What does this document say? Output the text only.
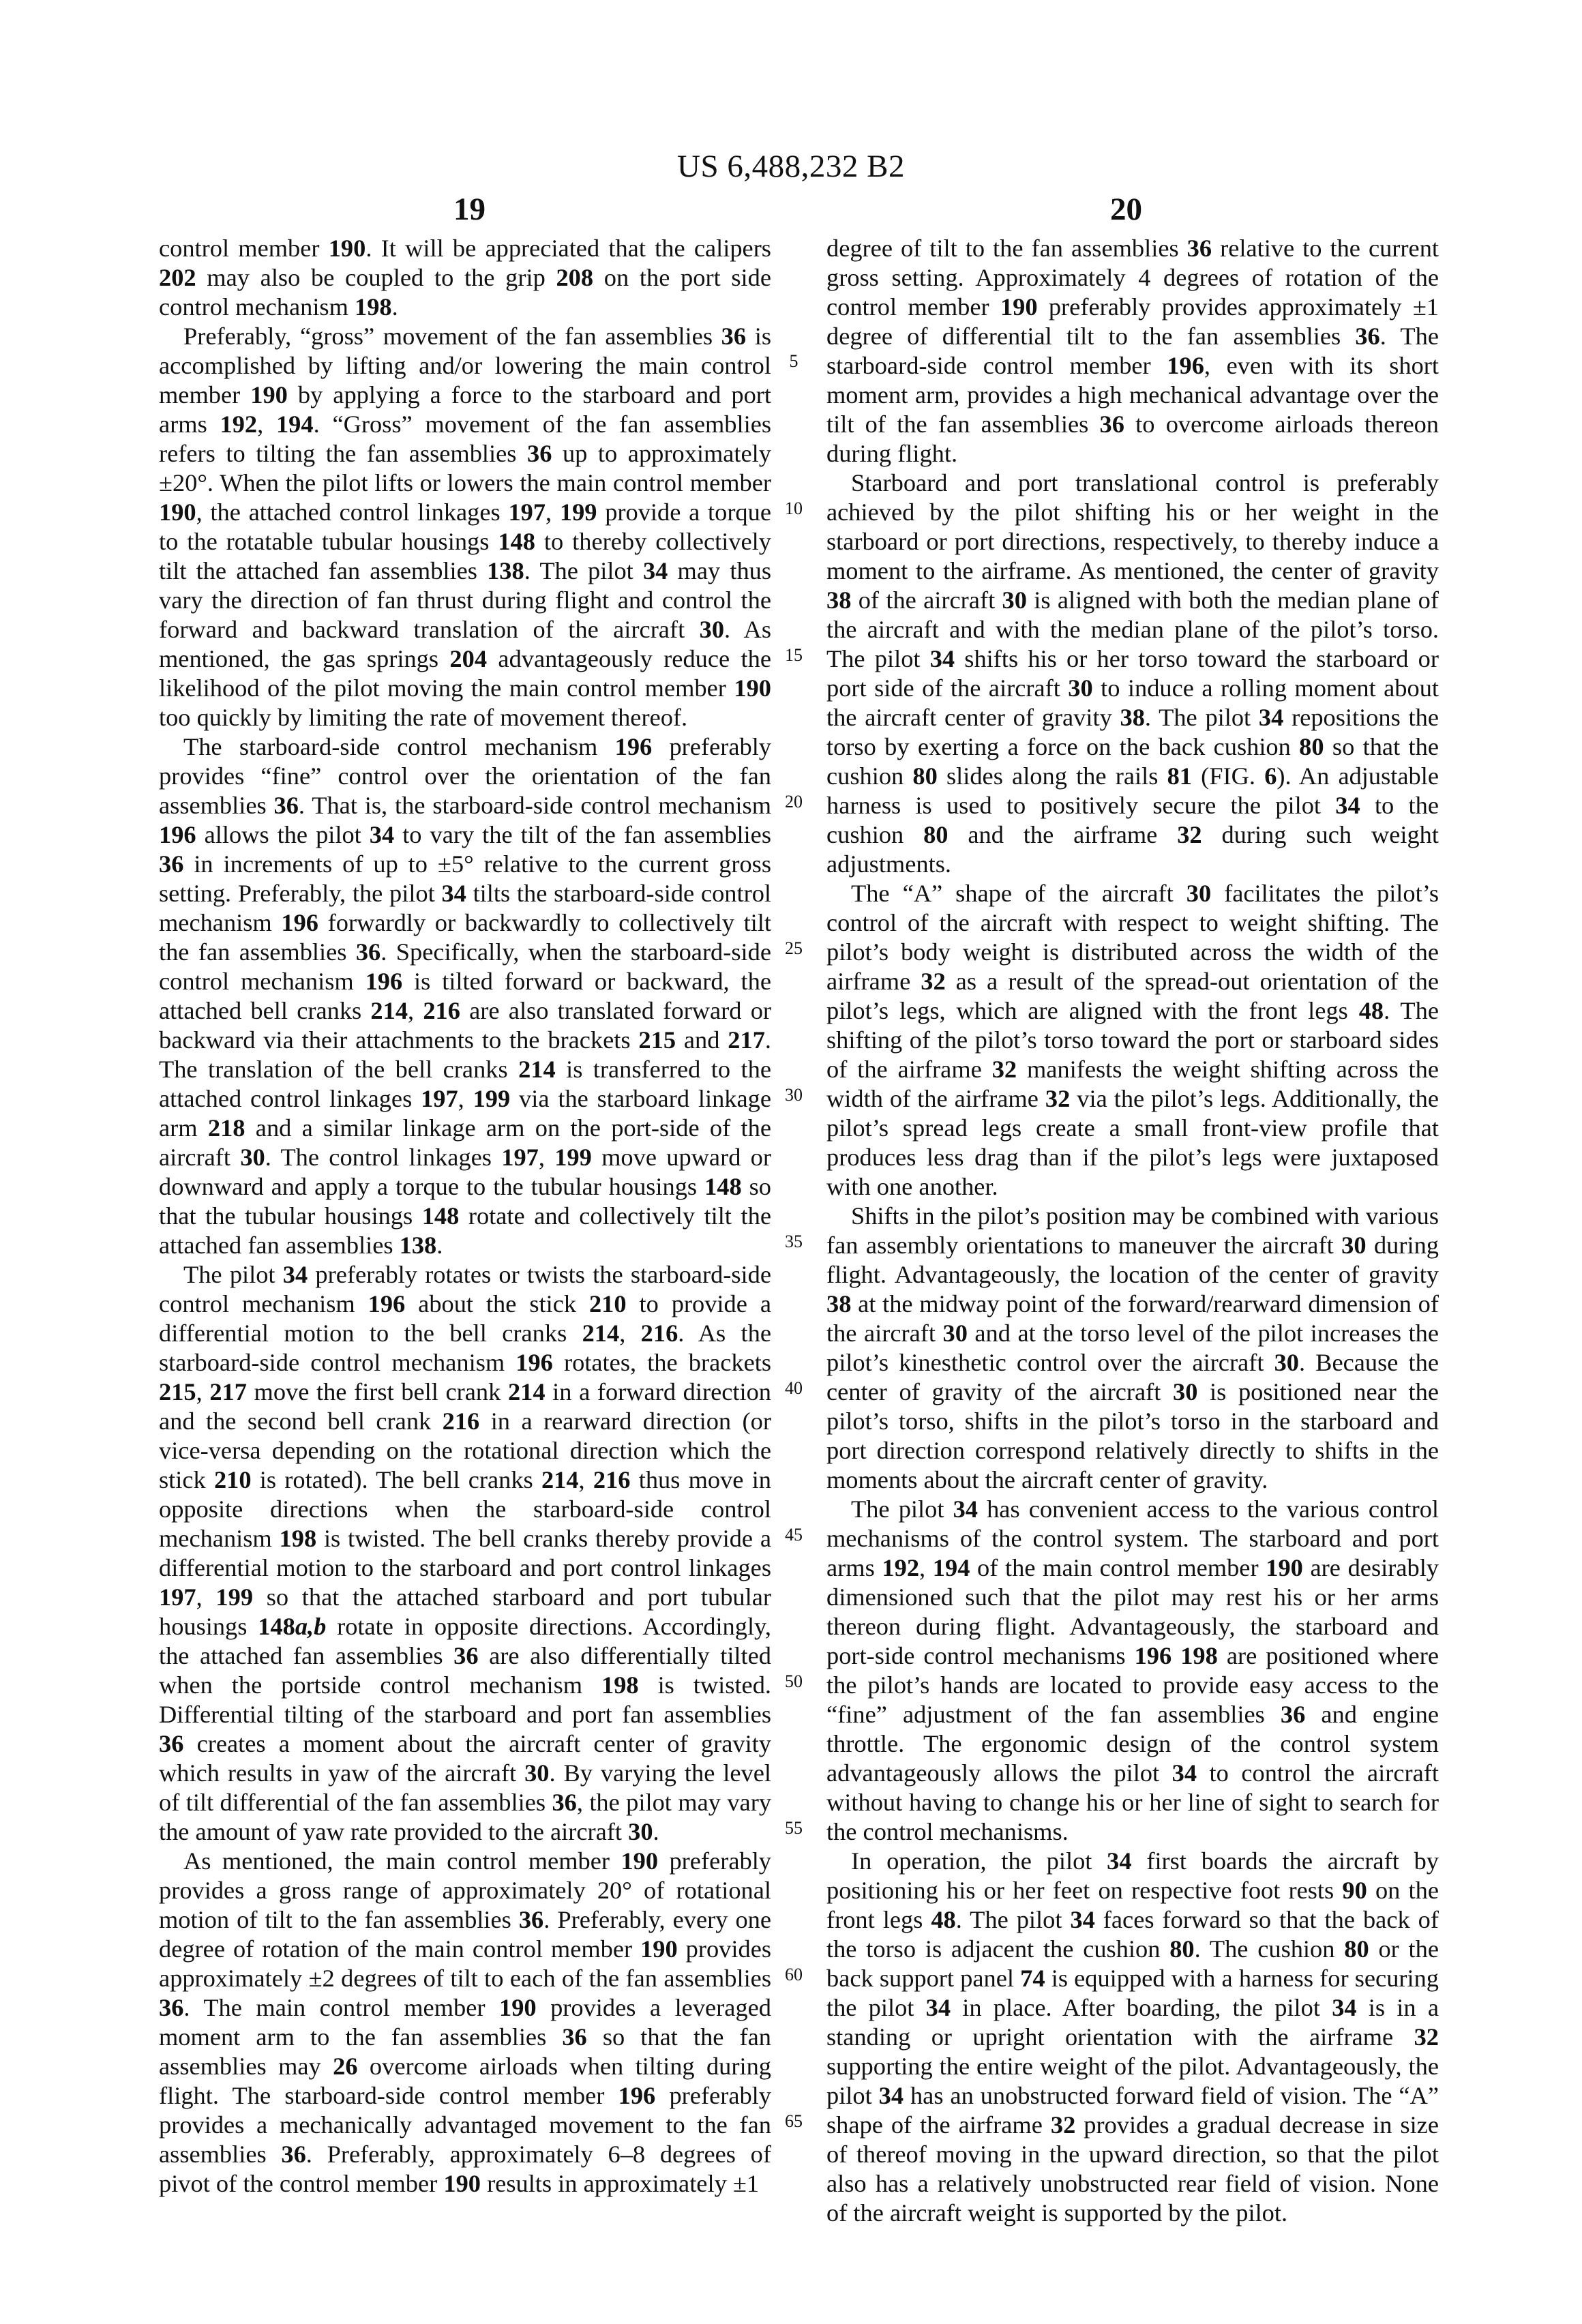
US 6,488,232 B2
19	20

control member 190. It will be appreciated that the calipers 202 may also be coupled to the grip 208 on the port side control mechanism 198.

Preferably, “gross” movement of the fan assemblies 36 is accomplished by lifting and/or lowering the main control member 190 by applying a force to the starboard and port arms 192, 194. “Gross” movement of the fan assemblies refers to tilting the fan assemblies 36 up to approximately ±20°. When the pilot lifts or lowers the main control member 190, the attached control linkages 197, 199 provide a torque to the rotatable tubular housings 148 to thereby collectively tilt the attached fan assemblies 138. The pilot 34 may thus vary the direction of fan thrust during flight and control the forward and backward translation of the aircraft 30. As mentioned, the gas springs 204 advantageously reduce the likelihood of the pilot moving the main control member 190 too quickly by limiting the rate of movement thereof.

The starboard-side control mechanism 196 preferably provides “fine” control over the orientation of the fan assemblies 36. That is, the starboard-side control mechanism 196 allows the pilot 34 to vary the tilt of the fan assemblies 36 in increments of up to ±5° relative to the current gross setting. Preferably, the pilot 34 tilts the starboard-side control mechanism 196 forwardly or backwardly to collectively tilt the fan assemblies 36. Specifically, when the starboard-side control mechanism 196 is tilted forward or backward, the attached bell cranks 214, 216 are also translated forward or backward via their attachments to the brackets 215 and 217. The translation of the bell cranks 214 is transferred to the attached control linkages 197, 199 via the starboard linkage arm 218 and a similar linkage arm on the port-side of the aircraft 30. The control linkages 197, 199 move upward or downward and apply a torque to the tubular housings 148 so that the tubular housings 148 rotate and collectively tilt the attached fan assemblies 138.

The pilot 34 preferably rotates or twists the starboard-side control mechanism 196 about the stick 210 to provide a differential motion to the bell cranks 214, 216. As the starboard-side control mechanism 196 rotates, the brackets 215, 217 move the first bell crank 214 in a forward direction and the second bell crank 216 in a rearward direction (or vice-versa depending on the rotational direction which the stick 210 is rotated). The bell cranks 214, 216 thus move in opposite directions when the starboard-side control mechanism 198 is twisted. The bell cranks thereby provide a differential motion to the starboard and port control linkages 197, 199 so that the attached starboard and port tubular housings 148a,b rotate in opposite directions. Accordingly, the attached fan assemblies 36 are also differentially tilted when the portside control mechanism 198 is twisted. Differential tilting of the starboard and port fan assemblies 36 creates a moment about the aircraft center of gravity which results in yaw of the aircraft 30. By varying the level of tilt differential of the fan assemblies 36, the pilot may vary the amount of yaw rate provided to the aircraft 30.

As mentioned, the main control member 190 preferably provides a gross range of approximately 20° of rotational motion of tilt to the fan assemblies 36. Preferably, every one degree of rotation of the main control member 190 provides approximately ±2 degrees of tilt to each of the fan assemblies 36. The main control member 190 provides a leveraged moment arm to the fan assemblies 36 so that the fan assemblies may 26 overcome airloads when tilting during flight. The starboard-side control member 196 preferably provides a mechanically advantaged movement to the fan assemblies 36. Preferably, approximately 6–8 degrees of pivot of the control member 190 results in approximately ±1

5
10
15
20
25
30
35
40
45
50
55
60
65

degree of tilt to the fan assemblies 36 relative to the current gross setting. Approximately 4 degrees of rotation of the control member 190 preferably provides approximately ±1 degree of differential tilt to the fan assemblies 36. The starboard-side control member 196, even with its short moment arm, provides a high mechanical advantage over the tilt of the fan assemblies 36 to overcome airloads thereon during flight.

Starboard and port translational control is preferably achieved by the pilot shifting his or her weight in the starboard or port directions, respectively, to thereby induce a moment to the airframe. As mentioned, the center of gravity 38 of the aircraft 30 is aligned with both the median plane of the aircraft and with the median plane of the pilot’s torso. The pilot 34 shifts his or her torso toward the starboard or port side of the aircraft 30 to induce a rolling moment about the aircraft center of gravity 38. The pilot 34 repositions the torso by exerting a force on the back cushion 80 so that the cushion 80 slides along the rails 81 (FIG. 6). An adjustable harness is used to positively secure the pilot 34 to the cushion 80 and the airframe 32 during such weight adjustments.

The “A” shape of the aircraft 30 facilitates the pilot’s control of the aircraft with respect to weight shifting. The pilot’s body weight is distributed across the width of the airframe 32 as a result of the spread-out orientation of the pilot’s legs, which are aligned with the front legs 48. The shifting of the pilot’s torso toward the port or starboard sides of the airframe 32 manifests the weight shifting across the width of the airframe 32 via the pilot’s legs. Additionally, the pilot’s spread legs create a small front-view profile that produces less drag than if the pilot’s legs were juxtaposed with one another.

Shifts in the pilot’s position may be combined with various fan assembly orientations to maneuver the aircraft 30 during flight. Advantageously, the location of the center of gravity 38 at the midway point of the forward/rearward dimension of the aircraft 30 and at the torso level of the pilot increases the pilot’s kinesthetic control over the aircraft 30. Because the center of gravity of the aircraft 30 is positioned near the pilot’s torso, shifts in the pilot’s torso in the starboard and port direction correspond relatively directly to shifts in the moments about the aircraft center of gravity.

The pilot 34 has convenient access to the various control mechanisms of the control system. The starboard and port arms 192, 194 of the main control member 190 are desirably dimensioned such that the pilot may rest his or her arms thereon during flight. Advantageously, the starboard and port-side control mechanisms 196 198 are positioned where the pilot’s hands are located to provide easy access to the “fine” adjustment of the fan assemblies 36 and engine throttle. The ergonomic design of the control system advantageously allows the pilot 34 to control the aircraft without having to change his or her line of sight to search for the control mechanisms.

In operation, the pilot 34 first boards the aircraft by positioning his or her feet on respective foot rests 90 on the front legs 48. The pilot 34 faces forward so that the back of the torso is adjacent the cushion 80. The cushion 80 or the back support panel 74 is equipped with a harness for securing the pilot 34 in place. After boarding, the pilot 34 is in a standing or upright orientation with the airframe 32 supporting the entire weight of the pilot. Advantageously, the pilot 34 has an unobstructed forward field of vision. The “A” shape of the airframe 32 provides a gradual decrease in size of thereof moving in the upward direction, so that the pilot also has a relatively unobstructed rear field of vision. None of the aircraft weight is supported by the pilot.
